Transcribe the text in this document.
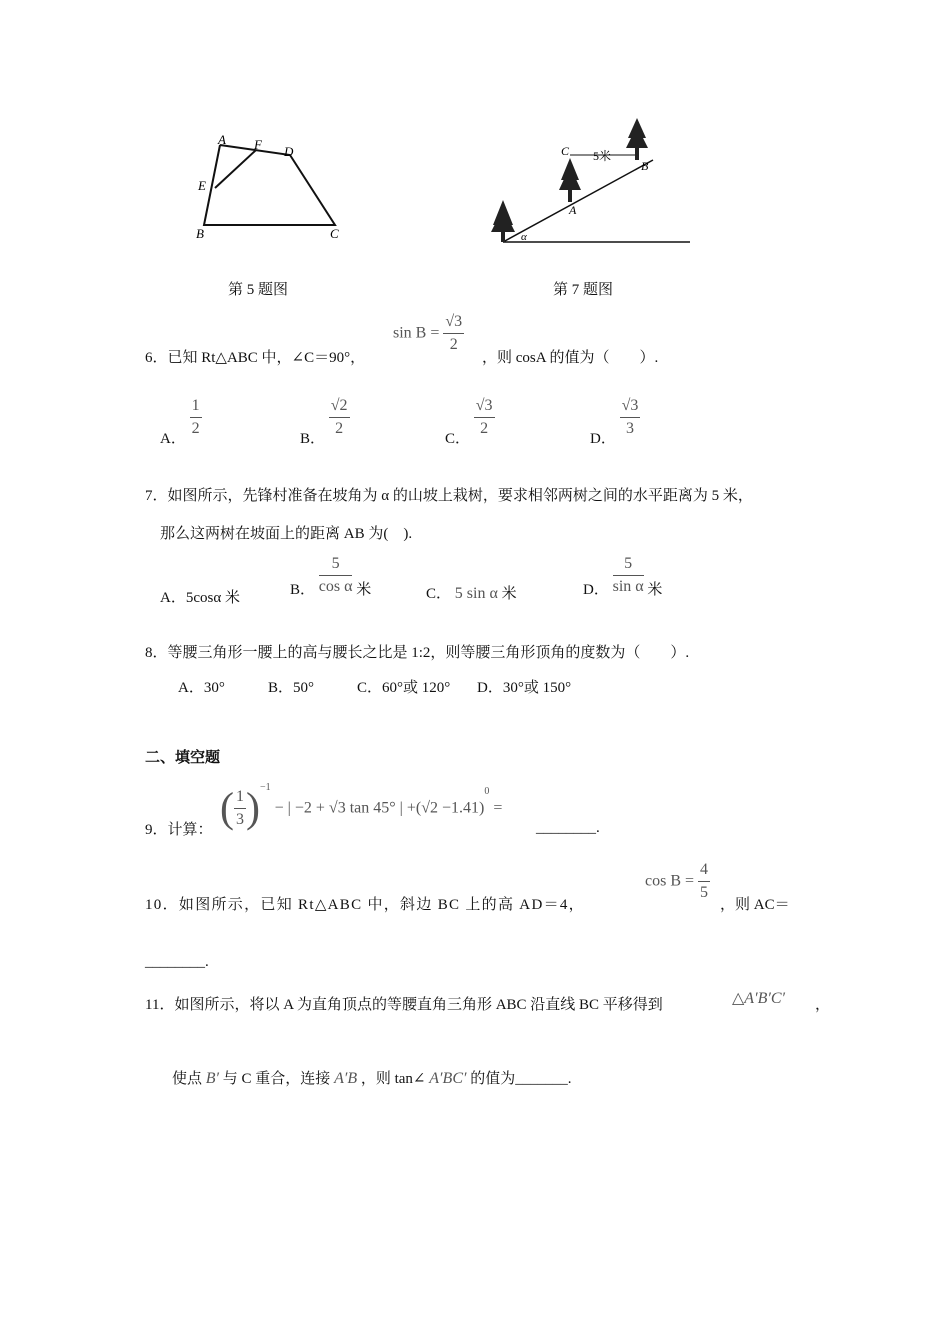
A F D
E
B	C
第 5 题图
5米
C
B
A
α
第 7 题图
6．已知 Rt△ABC 中，∠C＝90°，
$\sin B = \frac{√3}{2}$
，则 cosA 的值为（　　）.
A．
$\frac{1}{2}$
B．
$\frac{√2}{2}$
C．
$\frac{√3}{2}$
D．
$\frac{√3}{3}$
7．如图所示，先锋村准备在坡角为 α 的山坡上栽树，要求相邻两树之间的水平距离为 5 米，
那么这两树在坡面上的距离 AB 为(　).
A．5cosα 米
B． $\frac{5}{\text{cos α}}$ 米	C． 5 sin α 米	D． $\frac{5}{\text{sin α}}$ 米
8．等腰三角形一腰上的高与腰长之比是 1:2，则等腰三角形顶角的度数为（　　）.
A．30°	B．50°	C．60°或 120° D．30°或 150°
二、填空题
9．计算： ( $\frac{1}{3} )^{-1}$ − | −2 + √3 tan 45° | $+(√2 -1.41)^0$ =
________.
10．如图所示，已知 Rt△ABC 中，斜边 BC 上的高 AD＝4，
$\cos B = \frac{4}{5}$
，则 AC＝
________.
11．如图所示，将以 A 为直角顶点的等腰直角三角形 ABC 沿直线 BC 平移得到	△A′B′C′ ，
使点 B′ 与 C 重合，连接 A′B ，则 tan∠ A′BC′ 的值为_______.
